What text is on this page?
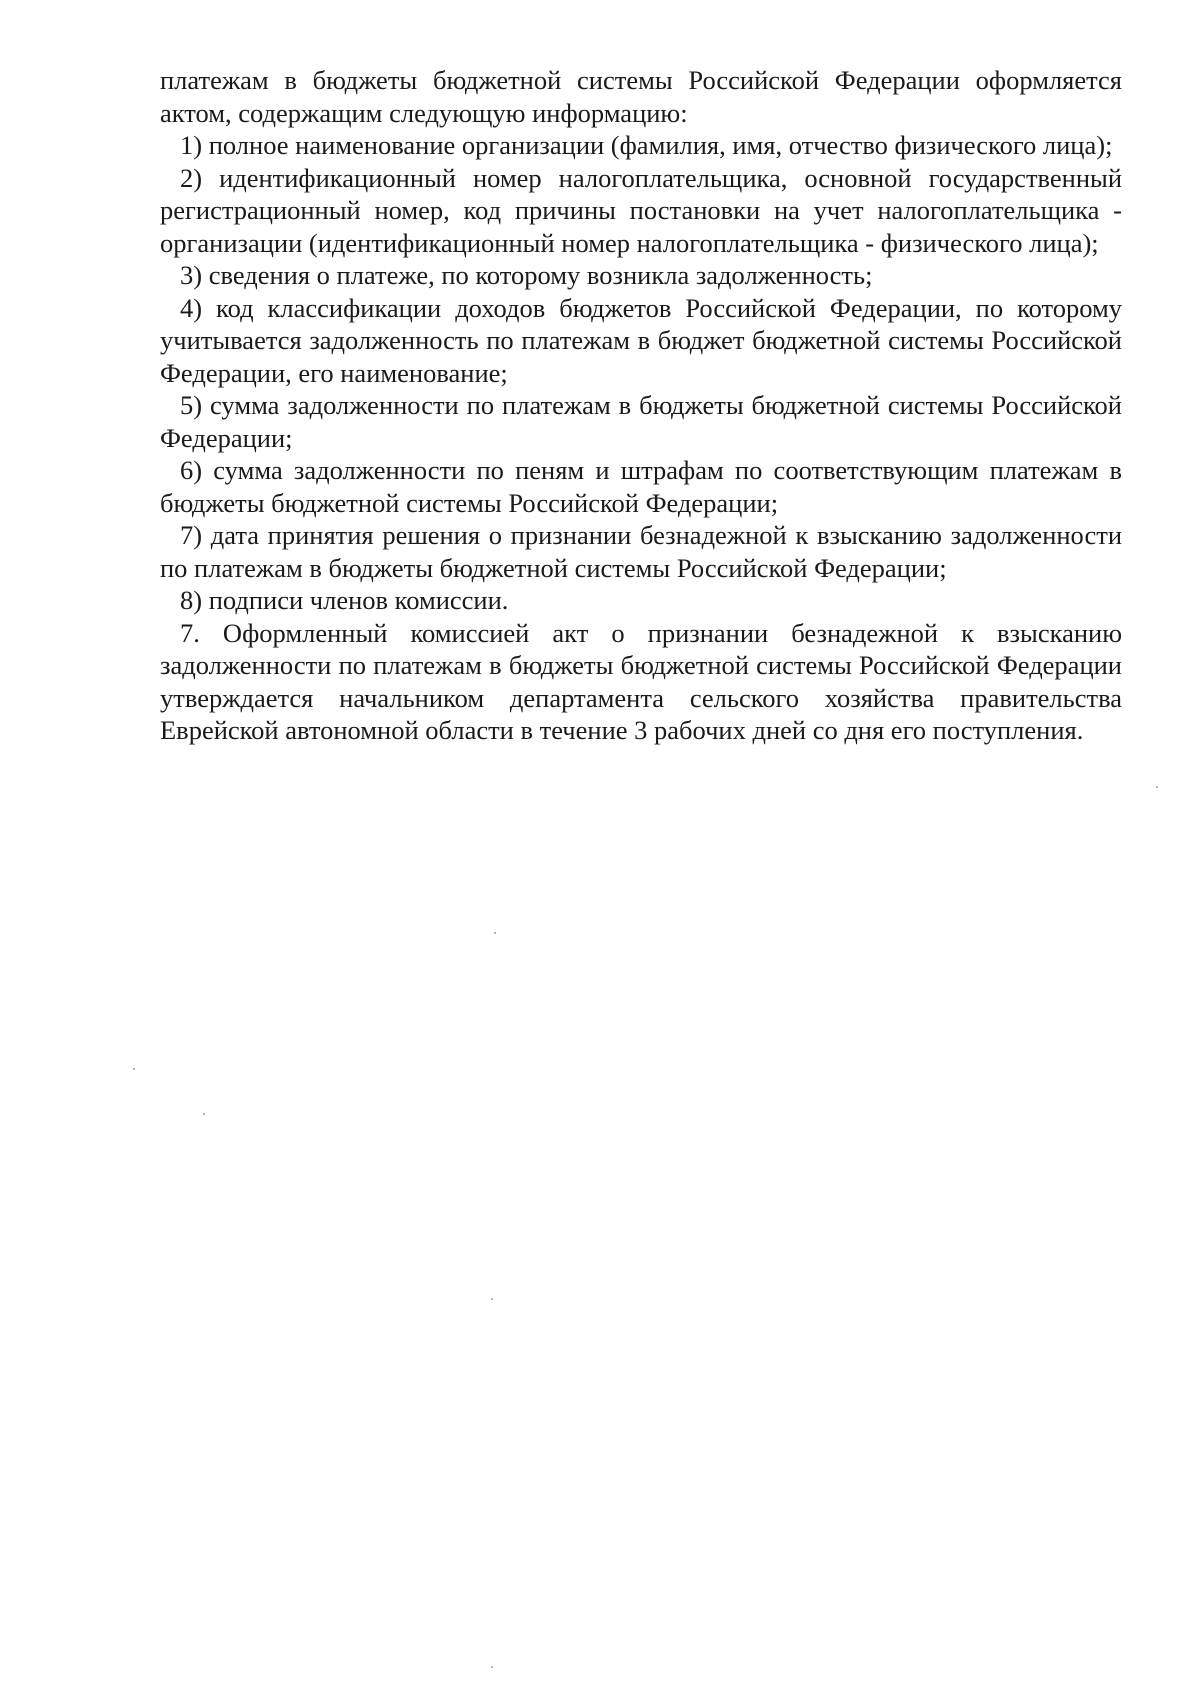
платежам в бюджеты бюджетной системы Российской Федерации оформляется актом, содержащим следующую информацию:

1) полное наименование организации (фамилия, имя, отчество физического лица);

2) идентификационный номер налогоплательщика, основной государственный регистрационный номер, код причины постановки на учет налогоплательщика - организации (идентификационный номер налогоплательщика - физического лица);

3) сведения о платеже, по которому возникла задолженность;

4) код классификации доходов бюджетов Российской Федерации, по которому учитывается задолженность по платежам в бюджет бюджетной системы Российской Федерации, его наименование;

5) сумма задолженности по платежам в бюджеты бюджетной системы Российской Федерации;

6) сумма задолженности по пеням и штрафам по соответствующим платежам в бюджеты бюджетной системы Российской Федерации;

7) дата принятия решения о признании безнадежной к взысканию задолженности по платежам в бюджеты бюджетной системы Российской Федерации;

8) подписи членов комиссии.

7. Оформленный комиссией акт о признании безнадежной к взысканию задолженности по платежам в бюджеты бюджетной системы Российской Федерации утверждается начальником департамента сельского хозяйства правительства Еврейской автономной области в течение 3 рабочих дней со дня его поступления.
